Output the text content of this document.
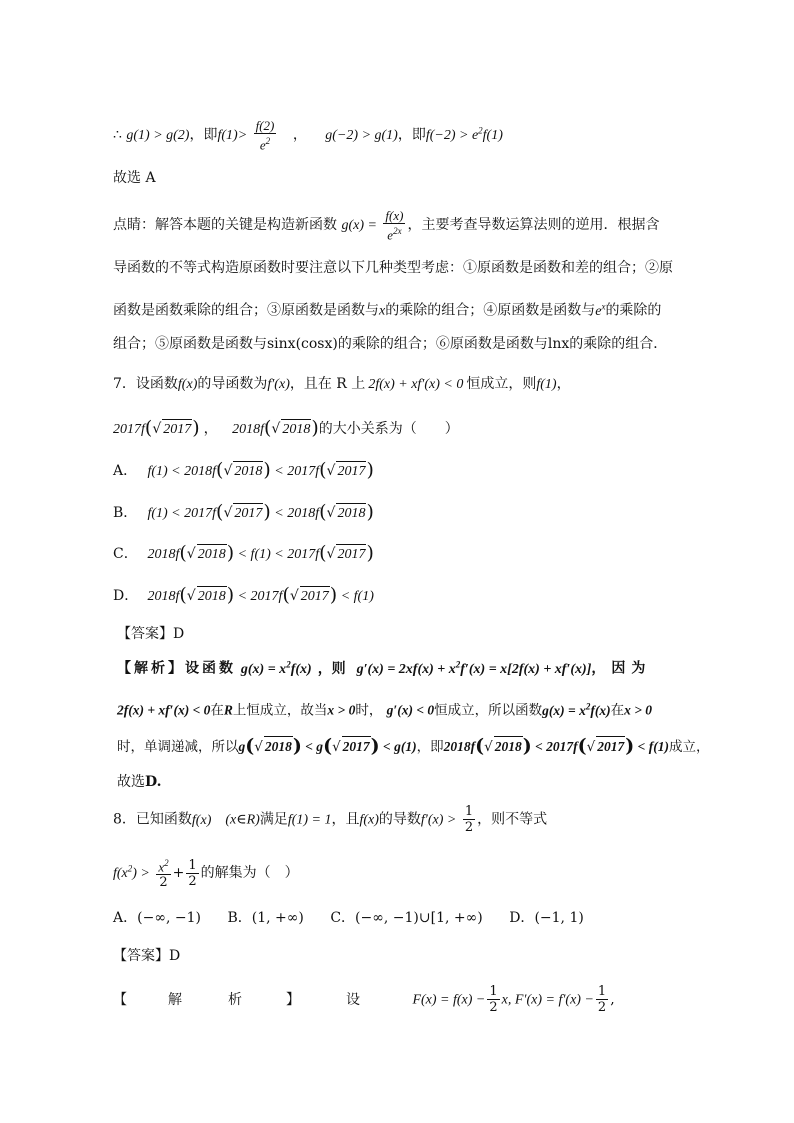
∴ g(1) > g(2)，即$f(1)> \frac{f(2)}{e^2}$ ， g(−2) > g(1)，即$f(-2) > e^2f(1)$
故选 A
点睛：解答本题的关键是构造新函数 $g(x) = \frac{f(x)}{e^{2x}}$ ，主要考查导数运算法则的逆用．根据含
导函数的不等式构造原函数时要注意以下几种类型考虑：①原函数是函数和差的组合；②原
函数是函数乘除的组合；③原函数是函数与x的乘除的组合；④原函数是函数与$e^x$的乘除的
组合；⑤原函数是函数与sinx(cosx)的乘除的组合；⑥原函数是函数与lnx的乘除的组合．
7．设函数f(x)的导函数为f′(x)，且在 R 上 2f(x) + xf′(x) < 0 恒成立，则f(1)，
2017f(√ 2017) ， 2018f(√ 2018)的大小关系为（　　）
A． f(1) < 2018f(√ 2018) < 2017f(√ 2017)
B． f(1) < 2017f(√ 2017) < 2018f(√ 2018)
C． 2018f(√ 2018) < f(1) < 2017f(√ 2017)
D． 2018f(√ 2018) < 2017f(√ 2017) < f(1)
【答案】D
【解析】设函数 $g(x) = x^2f(x)$ ，则 $g'(x) = 2xf(x) + x^2f'(x) = x[2f(x) + xf'(x)]$，因为
2f(x) + xf′(x) < 0在R上恒成立，故当x > 0时， g′(x) < 0恒成立，所以函数$g(x) = x^2f(x)$在x > 0
时，单调递减，所以g(√ 2018) < g(√ 2017) < g(1)，即2018f(√ 2018) < 2017f(√ 2017) < f(1)成立，
故选D.
8．已知函数f(x) (x∈R)满足f(1) = 1，且f(x)的导数$f'(x) > \frac{1}{2}$ ，则不等式
$f(x^2) > \frac{x^2}{2} + \frac{1}{2}$ 的解集为（　）
A．(−∞, −1) B．(1, +∞) C．(−∞, −1)∪[1, +∞) D．(−1, 1)
【答案】D
【	解	析	】	设	$F(x) = f(x) - \frac{1}{2} x$, $F'(x) = f'(x) - \frac{1}{2}$ ,
